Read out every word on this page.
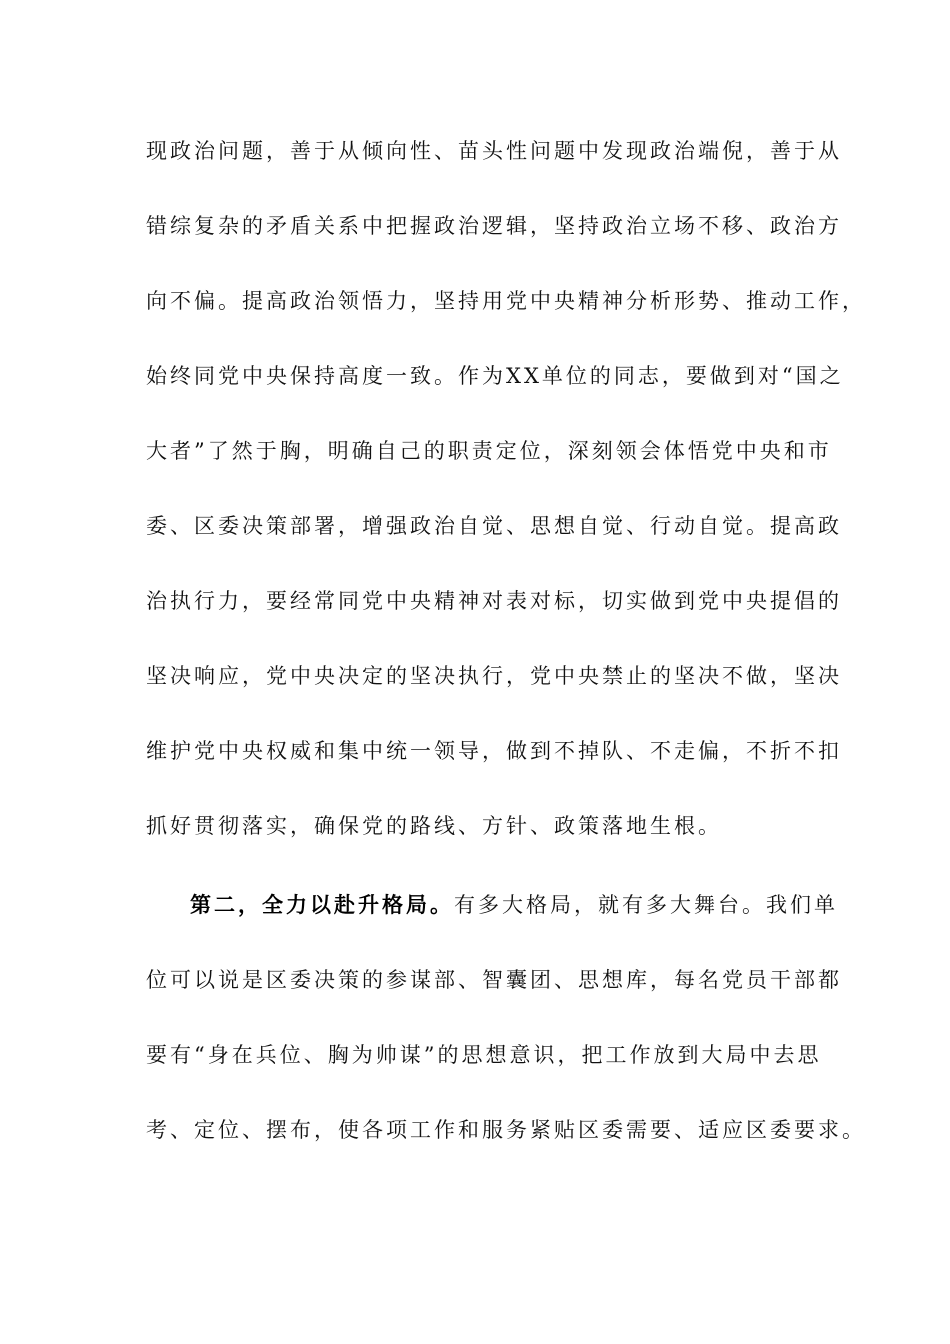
现政治问题，善于从倾向性、苗头性问题中发现政治端倪，善于从
错综复杂的矛盾关系中把握政治逻辑，坚持政治立场不移、政治方
向不偏。提高政治领悟力，坚持用党中央精神分析形势、推动工作，
始终同党中央保持高度一致。作为XX单位的同志，要做到对“国之
大者”了然于胸，明确自己的职责定位，深刻领会体悟党中央和市
委、区委决策部署，增强政治自觉、思想自觉、行动自觉。提高政
治执行力，要经常同党中央精神对表对标，切实做到党中央提倡的
坚决响应，党中央决定的坚决执行，党中央禁止的坚决不做，坚决
维护党中央权威和集中统一领导，做到不掉队、不走偏，不折不扣
抓好贯彻落实，确保党的路线、方针、政策落地生根。
第二，全力以赴升格局。有多大格局，就有多大舞台。我们单
位可以说是区委决策的参谋部、智囊团、思想库，每名党员干部都
要有“身在兵位、胸为帅谋”的思想意识，把工作放到大局中去思
考、定位、摆布，使各项工作和服务紧贴区委需要、适应区委要求。
